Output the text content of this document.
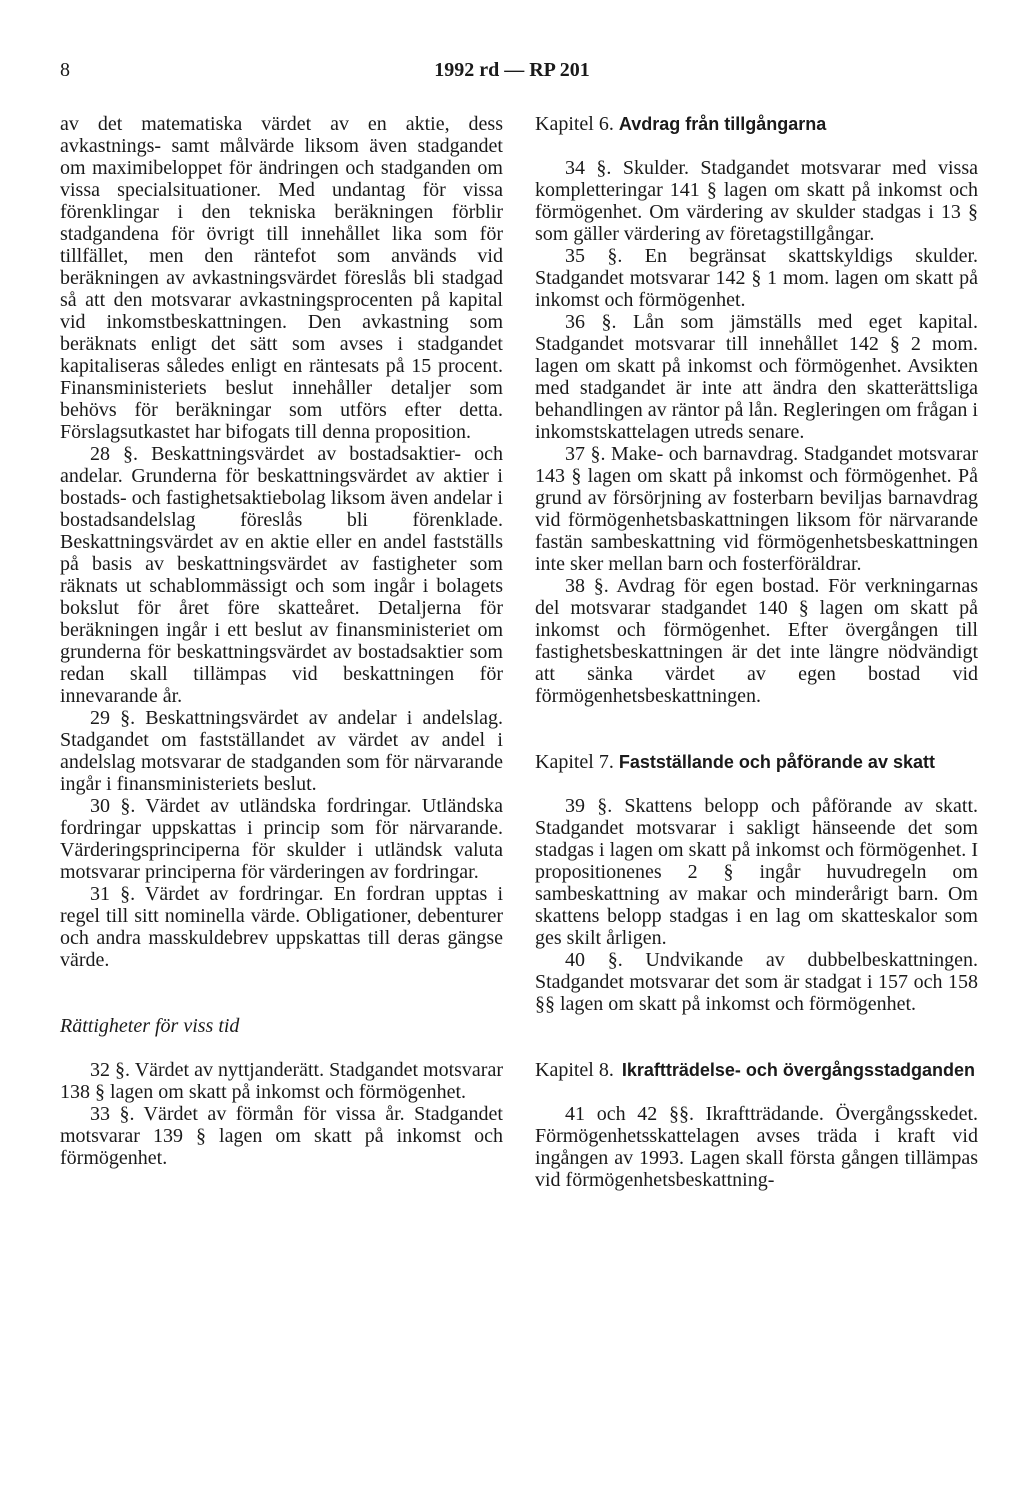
8	1992 rd — RP 201

av det matematiska värdet av en aktie, dess avkastnings- samt målvärde liksom även stadgandet om maximibeloppet för ändringen och stadganden om vissa specialsituationer. Med undantag för vissa förenklingar i den tekniska beräkningen förblir stadgandena för övrigt till innehållet lika som för tillfället, men den räntefot som används vid beräkningen av avkastningsvärdet föreslås bli stadgad så att den motsvarar avkastningsprocenten på kapital vid inkomstbeskattningen. Den avkastning som beräknats enligt det sätt som avses i stadgandet kapitaliseras således enligt en räntesats på 15 procent. Finansministeriets beslut innehåller detaljer som behövs för beräkningar som utförs efter detta. Förslagsutkastet har bifogats till denna proposition.

28 §. Beskattningsvärdet av bostadsaktier- och andelar. Grunderna för beskattningsvärdet av aktier i bostads- och fastighetsaktiebolag liksom även andelar i bostadsandelslag föreslås bli förenklade. Beskattningsvärdet av en aktie eller en andel fastställs på basis av beskattningsvärdet av fastigheter som räknats ut schablommässigt och som ingår i bolagets bokslut för året före skatteåret. Detaljerna för beräkningen ingår i ett beslut av finansministeriet om grunderna för beskattningsvärdet av bostadsaktier som redan skall tillämpas vid beskattningen för innevarande år.

29 §. Beskattningsvärdet av andelar i andelslag. Stadgandet om fastställandet av värdet av andel i andelslag motsvarar de stadganden som för närvarande ingår i finansministeriets beslut.

30 §. Värdet av utländska fordringar. Utländska fordringar uppskattas i princip som för närvarande. Värderingsprinciperna för skulder i utländsk valuta motsvarar principerna för värderingen av fordringar.

31 §. Värdet av fordringar. En fordran upptas i regel till sitt nominella värde. Obligationer, debenturer och andra masskuldebrev uppskattas till deras gängse värde.

Rättigheter för viss tid

32 §. Värdet av nyttjanderätt. Stadgandet motsvarar 138 § lagen om skatt på inkomst och förmögenhet.

33 §. Värdet av förmån för vissa år. Stadgandet motsvarar 139 § lagen om skatt på inkomst och förmögenhet.

Kapitel 6. Avdrag från tillgångarna

34 §. Skulder. Stadgandet motsvarar med vissa kompletteringar 141 § lagen om skatt på inkomst och förmögenhet. Om värdering av skulder stadgas i 13 § som gäller värdering av företagstillgångar.

35 §. En begränsat skattskyldigs skulder. Stadgandet motsvarar 142 § 1 mom. lagen om skatt på inkomst och förmögenhet.

36 §. Lån som jämställs med eget kapital. Stadgandet motsvarar till innehållet 142 § 2 mom. lagen om skatt på inkomst och förmögenhet. Avsikten med stadgandet är inte att ändra den skatterättsliga behandlingen av räntor på lån. Regleringen om frågan i inkomstskattelagen utreds senare.

37 §. Make- och barnavdrag. Stadgandet motsvarar 143 § lagen om skatt på inkomst och förmögenhet. På grund av försörjning av fosterbarn beviljas barnavdrag vid förmögenhetsbaskattningen liksom för närvarande fastän sambeskattning vid förmögenhetsbeskattningen inte sker mellan barn och fosterföräldrar.

38 §. Avdrag för egen bostad. För verkningarnas del motsvarar stadgandet 140 § lagen om skatt på inkomst och förmögenhet. Efter övergången till fastighetsbeskattningen är det inte längre nödvändigt att sänka värdet av egen bostad vid förmögenhetsbeskattningen.

Kapitel 7. Fastställande och påförande av skatt

39 §. Skattens belopp och påförande av skatt. Stadgandet motsvarar i sakligt hänseende det som stadgas i lagen om skatt på inkomst och förmögenhet. I propositionenes 2 § ingår huvudregeln om sambeskattning av makar och minderårigt barn. Om skattens belopp stadgas i en lag om skatteskalor som ges skilt årligen.

40 §. Undvikande av dubbelbeskattningen. Stadgandet motsvarar det som är stadgat i 157 och 158 §§ lagen om skatt på inkomst och förmögenhet.

Kapitel 8. Ikraftträdelse- och övergångsstadganden

41 och 42 §§. Ikraftträdande. Övergångsskedet. Förmögenhetsskattelagen avses träda i kraft vid ingången av 1993. Lagen skall första gången tillämpas vid förmögenhetsbeskattning-
